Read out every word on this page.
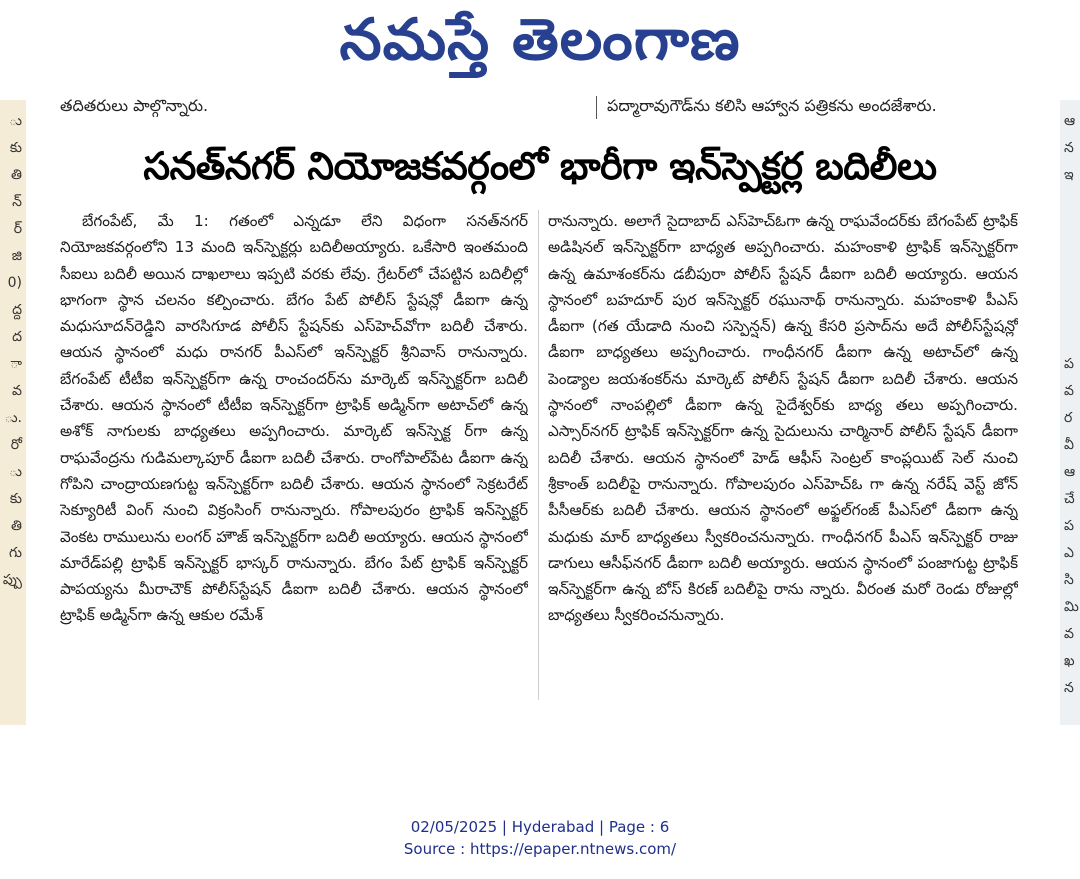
నమస్తే తెలంగాణ
ు
కు
తి
న్
ర్
జి
0)
ద్ద
ద
ా
వ
ు.
రో
ు
కు
తి
గు
ప్పు
ఆ
న
ఇ

ప
వ
ర
వీ
ఆ
చే
ప
ఎ
సి
మి
వ
ఖ
న
తదితరులు పాల్గొన్నారు.	పద్మారావుగౌడ్‌ను కలిసి ఆహ్వాన పత్రికను అందజేశారు.
సనత్‌నగర్ నియోజకవర్గంలో భారీగా ఇన్‌స్పెక్టర్ల బదిలీలు
బేగంపేట్, మే 1: గతంలో ఎన్నడూ లేని విధంగా సనత్‌నగర్ నియోజకవర్గంలోని 13 మంది ఇన్‌స్పెక్టర్లు బదిలీఅయ్యారు. ఒకేసారి ఇంతమంది సీఐలు బదిలీ అయిన దాఖలాలు ఇప్పటి వరకు లేవు. గ్రేటర్‌లో చేపట్టిన బదిలీల్లో భాగంగా స్థాన చలనం కల్పించారు. బేగం పేట్ పోలీస్ స్టేషన్లో డీఐగా ఉన్న మధుసూదన్‌రెడ్డిని వారసిగూడ పోలీస్ స్టేషన్‌కు ఎస్‌హెచ్‌వోగా బదిలీ చేశారు. ఆయన స్థానంలో మధు రానగర్ పీఎస్‌లో ఇన్‌స్పెక్టర్ శ్రీనివాస్ రానున్నారు. బేగంపేట్ టీటీఐ ఇన్‌స్పెక్టర్‌గా ఉన్న రాంచందర్‌ను మార్కెట్ ఇన్‌స్పెక్టర్‌గా బదిలీ చేశారు. ఆయన స్థానంలో టీటీఐ ఇన్‌స్పెక్టర్‌గా ట్రాఫిక్ అడ్మిన్‌గా అటాచ్‌లో ఉన్న అశోక్ నాగులకు బాధ్యతలు అప్పగించారు. మార్కెట్ ఇన్‌స్పెక్ట ర్‌గా ఉన్న రాఘవేంద్రను గుడిమల్కాపూర్ డీఐగా బదిలీ చేశారు. రాంగోపాల్‌పేట డీఐగా ఉన్న గోపిని చాంద్రాయణగుట్ట ఇన్‌స్పెక్టర్‌గా బదిలీ చేశారు. ఆయన స్థానంలో సెక్రటరేట్ సెక్యూరిటీ వింగ్ నుంచి విక్రంసింగ్ రానున్నారు. గోపాలపురం ట్రాఫిక్ ఇన్‌స్పెక్టర్ వెంకట రాములును లంగర్ హౌజ్ ఇన్‌స్పెక్టర్‌గా బదిలీ అయ్యారు. ఆయన స్థానంలో మారేడ్‌పల్లి ట్రాఫిక్ ఇన్‌స్పెక్టర్ భాస్కర్ రానున్నారు. బేగం పేట్ ట్రాఫిక్ ఇన్‌స్పెక్టర్ పాపయ్యను మీరాచౌక్ పోలీస్‌స్టేషన్ డీఐగా బదిలీ చేశారు. ఆయన స్థానంలో ట్రాఫిక్ అడ్మిన్‌గా ఉన్న ఆకుల రమేశ్
రానున్నారు. అలాగే సైదాబాద్ ఎస్‌హెచ్‌ఓగా ఉన్న రాఘవేందర్‌కు బేగంపేట్ ట్రాఫిక్ అడిషినల్ ఇన్‌స్పెక్టర్‌గా బాధ్యత అప్పగించారు. మహంకాళి ట్రాఫిక్ ఇన్‌స్పెక్టర్‌గా ఉన్న ఉమాశంకర్‌ను డబీపురా పోలీస్ స్టేషన్ డీఐగా బదిలీ అయ్యారు. ఆయన స్థానంలో బహదూర్ పుర ఇన్‌స్పెక్టర్ రఘునాథ్ రానున్నారు. మహంకాళి పీఎస్ డీఐగా (గత యేడాది నుంచి సస్పెన్షన్) ఉన్న కేసరి ప్రసాద్‌ను అదే పోలీస్‌స్టేషన్లో డీఐగా బాధ్యతలు అప్పగించారు. గాంధీనగర్ డీఐగా ఉన్న అటాచ్‌లో ఉన్న పెండ్యాల జయశంకర్‌ను మార్కెట్ పోలీస్ స్టేషన్ డీఐగా బదిలీ చేశారు. ఆయన స్థానంలో నాంపల్లిలో డీఐగా ఉన్న సైదేశ్వర్‌కు బాధ్య తలు అప్పగించారు. ఎస్సార్‌నగర్ ట్రాఫిక్ ఇన్‌స్పెక్టర్‌గా ఉన్న సైదులును చార్మినార్ పోలీస్ స్టేషన్ డీఐగా బదిలీ చేశారు. ఆయన స్థానంలో హెడ్ ఆఫీస్ సెంట్రల్ కాంప్లయిట్ సెల్ నుంచి శ్రీకాంత్ బదిలీపై రానున్నారు. గోపాలపురం ఎస్‌హెచ్‌ఓ గా ఉన్న నరేష్ వెస్ట్ జోన్ పీసీఆర్‌కు బదిలీ చేశారు. ఆయన స్థానంలో అఫ్జల్‌గంజ్ పీఎస్‌లో డీఐగా ఉన్న మధుకు మార్ బాధ్యతలు స్వీకరించనున్నారు. గాంధీనగర్ పీఎస్ ఇన్‌స్పెక్టర్ రాజు డాగులు ఆసీఫ్‌నగర్ డీఐగా బదిలీ అయ్యారు. ఆయన స్థానంలో పంజాగుట్ట ట్రాఫిక్ ఇన్‌స్పెక్టర్‌గా ఉన్న బోస్ కిరణ్ బదిలీపై రాను న్నారు. వీరంత మరో రెండు రోజుల్లో బాధ్యతలు స్వీకరించనున్నారు.
02/05/2025 | Hyderabad | Page : 6
Source : https://epaper.ntnews.com/
